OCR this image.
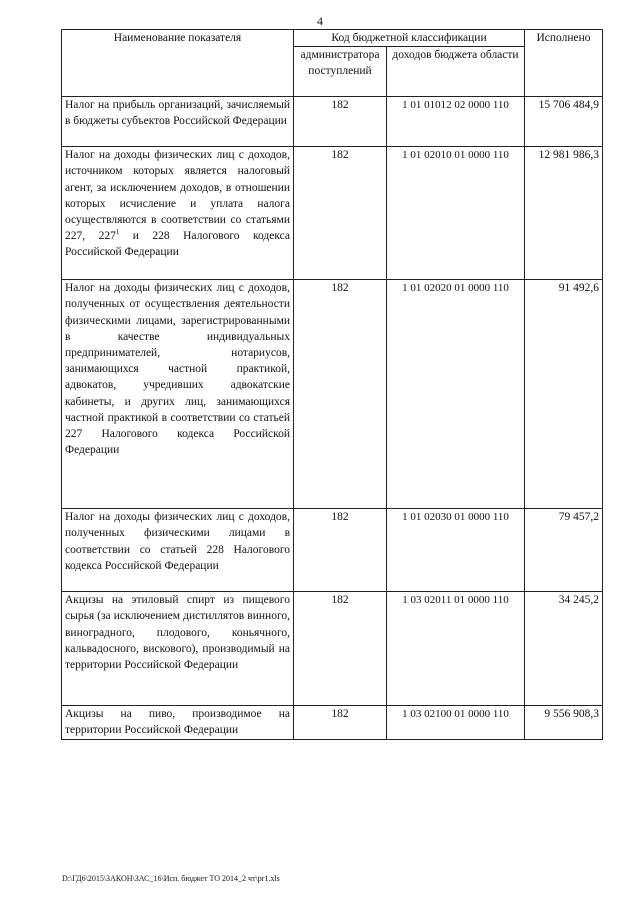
4
Наименование показателя	Код бюджетной классификации		Исполнено
	администратора поступлений	доходов бюджета области	
Налог на прибыль организаций, зачисляемый в бюджеты субъектов Российской Федерации	182	1 01 01012 02 0000 110	15 706 484,9
Налог на доходы физических лиц с доходов, источником которых является налоговый агент, за исключением доходов, в отношении которых исчисление и уплата налога осуществляются в соответствии со статьями 227, $227^1$ и 228 Налогового кодекса Российской Федерации	182	1 01 02010 01 0000 110	12 981 986,3
Налог на доходы физических лиц с доходов, полученных от осуществления деятельности физическими лицами, зарегистрированными в качестве индивидуальных предпринимателей, нотариусов, занимающихся частной практикой, адвокатов, учредивших адвокатские кабинеты, и других лиц, занимающихся частной практикой в соответствии со статьей 227 Налогового кодекса Российской Федерации	182	1 01 02020 01 0000 110	91 492,6
Налог на доходы физических лиц с доходов, полученных физическими лицами в соответствии со статьей 228 Налогового кодекса Российской Федерации	182	1 01 02030 01 0000 110	79 457,2
Акцизы на этиловый спирт из пищевого сырья (за исключением дистиллятов винного, виноградного, плодового, коньячного, кальвадосного, вискового), производимый на территории Российской Федерации	182	1 03 02011 01 0000 110	34 245,2
Акцизы на пиво, производимое на территории Российской Федерации	182	1 03 02100 01 0000 110	9 556 908,3
D:\ГД6\2015\ЗАКОН\ЗАС_16\Исп. бюджет ТО 2014_2 чт\pr1.xls
